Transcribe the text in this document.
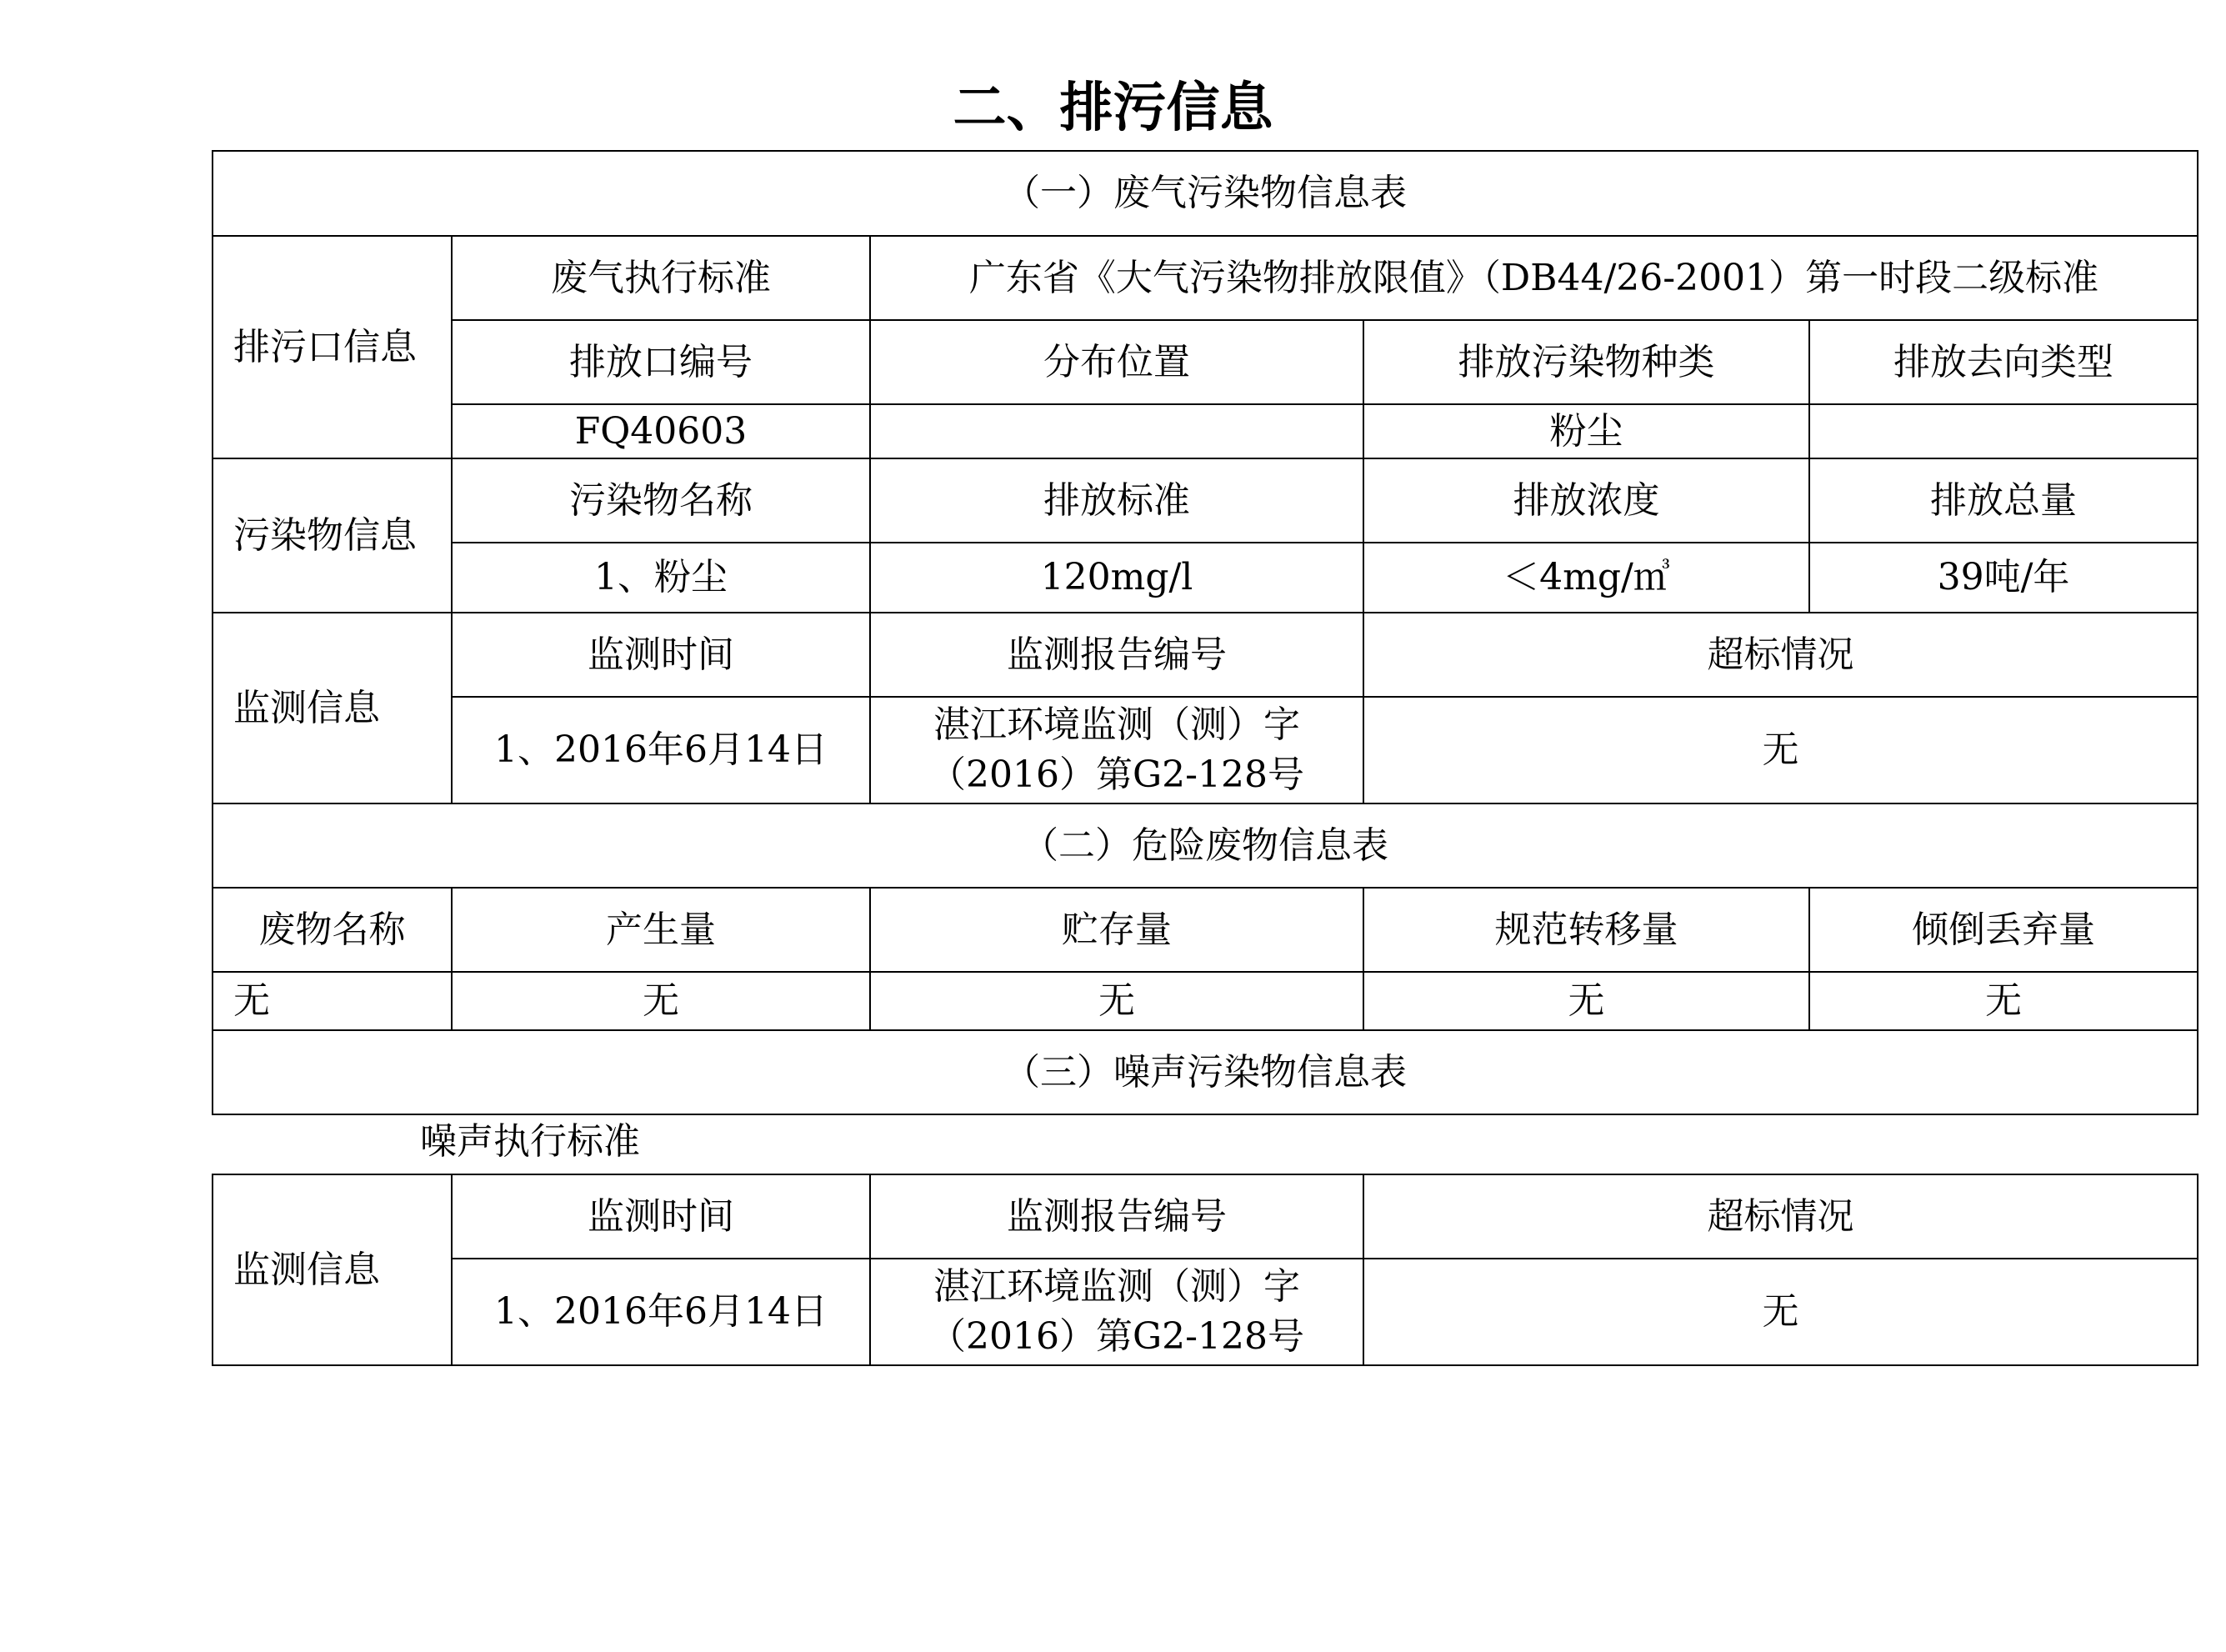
二、排污信息
（一）废气污染物信息表				
排污口信息	废气执行标准	广东省《大气污染物排放限值》（DB44/26-2001）第一时段二级标准		
	排放口编号	分布位置	排放污染物种类	排放去向类型
	FQ40603		粉尘	
污染物信息	污染物名称	排放标准	排放浓度	排放总量
	1、粉尘	120mg/l	＜4mg/㎥	39吨/年
监测信息	监测时间	监测报告编号	超标情况	
	1、2016年6月14日	湛江环境监测（测）字（2016）第G2-128号	无	
（二）危险废物信息表				
废物名称	产生量	贮存量	规范转移量	倾倒丢弃量
无	无	无	无	无
（三）噪声污染物信息表				
噪声执行标准
监测信息	监测时间	监测报告编号	超标情况
	1、2016年6月14日	湛江环境监测（测）字（2016）第G2-128号	无
